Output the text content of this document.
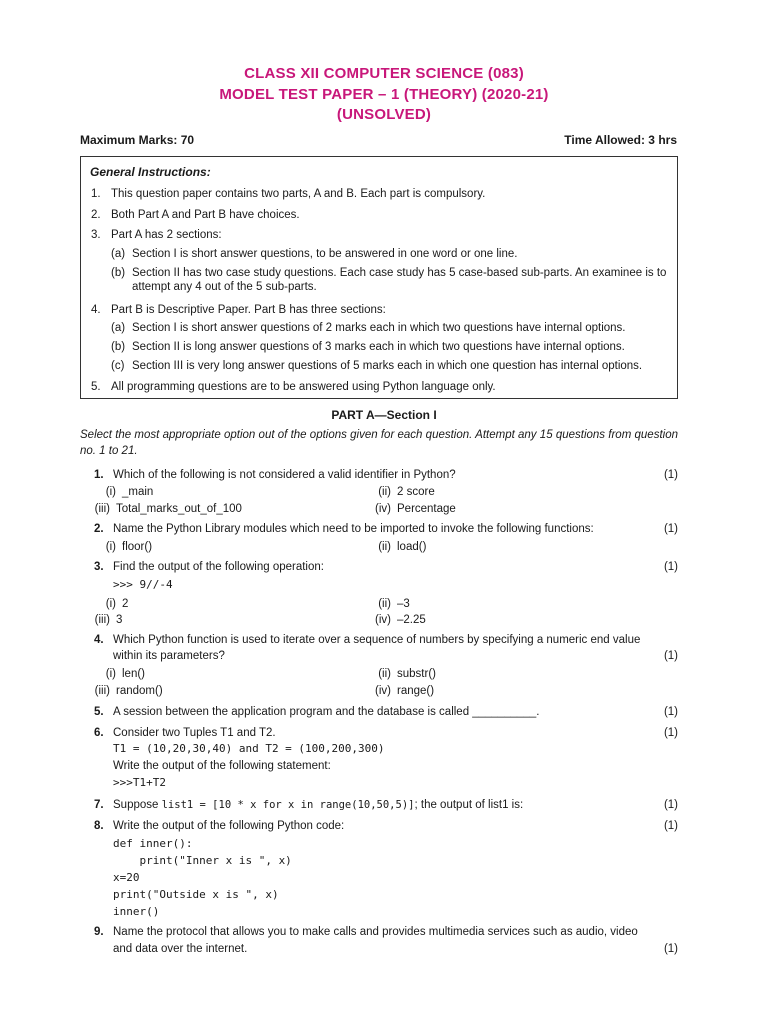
CLASS XII COMPUTER SCIENCE (083)
MODEL TEST PAPER – 1 (THEORY) (2020-21)
(UNSOLVED)
Maximum Marks: 70	Time Allowed: 3 hrs
General Instructions:
1. This question paper contains two parts, A and B. Each part is compulsory.
2. Both Part A and Part B have choices.
3. Part A has 2 sections:
(a) Section I is short answer questions, to be answered in one word or one line.
(b) Section II has two case study questions. Each case study has 5 case-based sub-parts. An examinee is to attempt any 4 out of the 5 sub-parts.
4. Part B is Descriptive Paper. Part B has three sections:
(a) Section I is short answer questions of 2 marks each in which two questions have internal options.
(b) Section II is long answer questions of 3 marks each in which two questions have internal options.
(c) Section III is very long answer questions of 5 marks each in which one question has internal options.
5. All programming questions are to be answered using Python language only.
PART A—Section I
Select the most appropriate option out of the options given for each question. Attempt any 15 questions from question no. 1 to 21.
1. Which of the following is not considered a valid identifier in Python?	(1)
(i) _main	(ii) 2 score
(iii) Total_marks_out_of_100	(iv) Percentage
2. Name the Python Library modules which need to be imported to invoke the following functions:	(1)
(i) floor()	(ii) load()
3. Find the output of the following operation:	(1)
>>> 9//-4
(i) 2	(ii) –3
(iii) 3	(iv) –2.25
4. Which Python function is used to iterate over a sequence of numbers by specifying a numeric end value
within its parameters?	(1)
(i) len()	(ii) substr()
(iii) random()	(iv) range()
5. A session between the application program and the database is called __________.	(1)
6. Consider two Tuples T1 and T2.	(1)
T1 = (10,20,30,40) and T2 = (100,200,300)
Write the output of the following statement:
>>>T1+T2
7. Suppose list1 = [10 * x for x in range(10,50,5)]; the output of list1 is:	(1)
8. Write the output of the following Python code:	(1)
def inner():
print("Inner x is ", x)
x=20
print("Outside x is ", x)
inner()
9. Name the protocol that allows you to make calls and provides multimedia services such as audio, video
and data over the internet.	(1)
